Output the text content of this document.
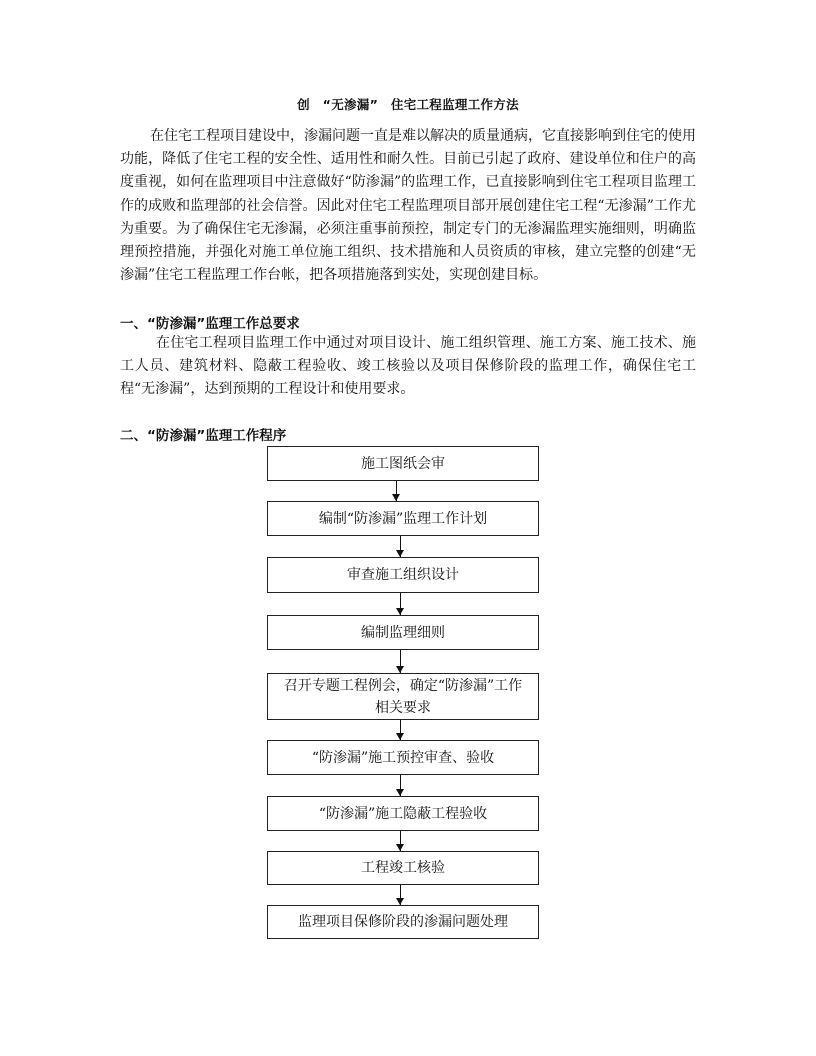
创　“无渗漏”　住宅工程监理工作方法

在住宅工程项目建设中，渗漏问题一直是难以解决的质量通病，它直接影响到住宅的使用功能，降低了住宅工程的安全性、适用性和耐久性。目前已引起了政府、建设单位和住户的高度重视，如何在监理项目中注意做好“防渗漏”的监理工作，已直接影响到住宅工程项目监理工作的成败和监理部的社会信誉。因此对住宅工程监理项目部开展创建住宅工程“无渗漏”工作尤为重要。为了确保住宅无渗漏，必须注重事前预控，制定专门的无渗漏监理实施细则，明确监理预控措施，并强化对施工单位施工组织、技术措施和人员资质的审核，建立完整的创建“无渗漏”住宅工程监理工作台帐，把各项措施落到实处，实现创建目标。

一、“防渗漏”监理工作总要求

在住宅工程项目监理工作中通过对项目设计、施工组织管理、施工方案、施工技术、施工人员、建筑材料、隐蔽工程验收、竣工核验以及项目保修阶段的监理工作，确保住宅工程“无渗漏”，达到预期的工程设计和使用要求。

二、“防渗漏”监理工作程序

施工图纸会审
编制“防渗漏”监理工作计划
审查施工组织设计
编制监理细则
召开专题工程例会，确定“防渗漏”工作相关要求
“防渗漏”施工预控审查、验收
“防渗漏”施工隐蔽工程验收
工程竣工核验
监理项目保修阶段的渗漏问题处理
